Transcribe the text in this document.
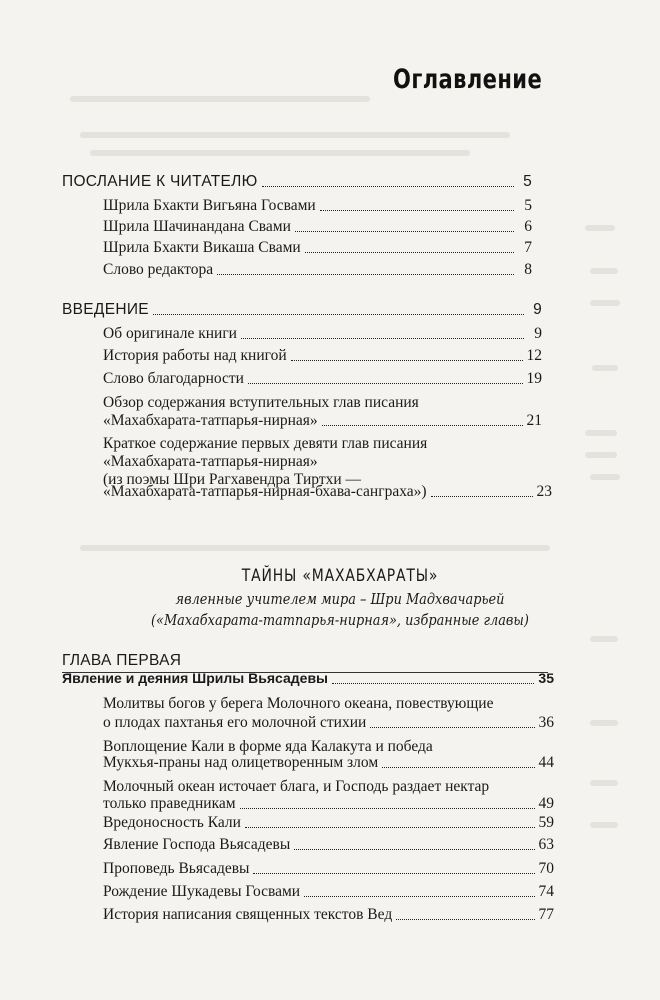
Оглавление
ПОСЛАНИЕ К ЧИТАТЕЛЮ	5
Шрила Бхакти Вигьяна Госвами	5
Шрила Шачинандана Свами	6
Шрила Бхакти Викаша Свами	7
Слово редактора	8
ВВЕДЕНИЕ	9
Об оригинале книги	9
История работы над книгой	12
Слово благодарности	19
Обзор содержания вступительных глав писания
«Махабхарата-татпарья-нирная»	21
Краткое содержание первых девяти глав писания
«Махабхарата-татпарья-нирная»
(из поэмы Шри Рагхавендра Тиртхи —
«Махабхарата-татпарья-нирная-бхава-санграха»)	23
ТАЙНЫ «МАХАБХАРАТЫ»
явленные учителем мира – Шри Мадхвачарьей
(«Махабхарата-татпарья-нирная», избранные главы)
ГЛАВА ПЕРВАЯ
Явление и деяния Шрилы Вьясадевы	35
Молитвы богов у берега Молочного океана, повествующие
о плодах пахтанья его молочной стихии	36
Воплощение Кали в форме яда Калакута и победа
Мукхья-праны над олицетворенным злом	44
Молочный океан источает блага, и Господь раздает нектар
только праведникам	49
Вредоносность Кали	59
Явление Господа Вьясадевы	63
Проповедь Вьясадевы	70
Рождение Шукадевы Госвами	74
История написания священных текстов Вед	77
